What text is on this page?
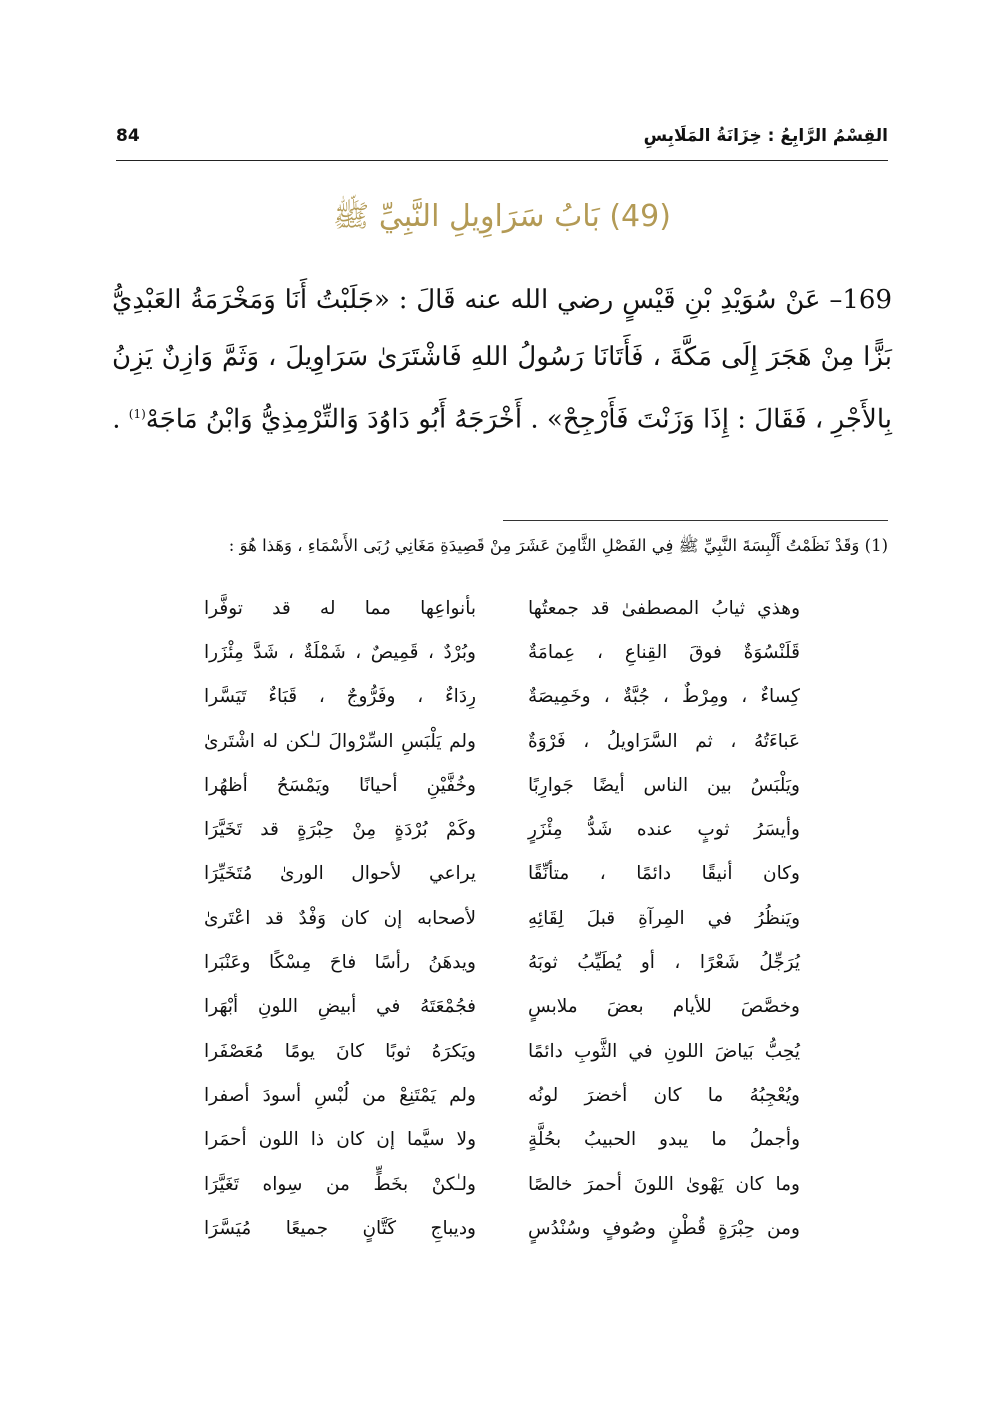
القِسْمُ الرَّابِعُ : خِزَانَةُ المَلَابِسِ
84
(49) بَابُ سَرَاوِيلِ النَّبِيِّ ﷺ
169– عَنْ سُوَيْدِ بْنِ قَيْسٍ رضي الله عنه قَالَ : «جَلَبْتُ أَنَا وَمَخْرَمَةُ العَبْدِيُّ بَزًّا مِنْ هَجَرَ إِلَى مَكَّةَ ، فَأَتَانَا رَسُولُ اللهِ فَاشْتَرَىٰ سَرَاوِيلَ ، وَثَمَّ وَازِنٌ يَزِنُ بِالأَجْرِ ، فَقَالَ : إِذَا وَزَنْتَ فَأَرْجِحْ» . أَخْرَجَهُ أَبُو دَاوُدَ وَالتِّرْمِذِيُّ وَابْنُ مَاجَهْ$^{(1)}$ .
(1) وَقَدْ نَظَمْتُ أَلْبِسَةَ النَّبِيِّ ﷺ فِي الفَصْلِ الثَّامِنَ عَشَرَ مِنْ قَصِيدَةِ مَغَانِي رُبَى الأَسْمَاءِ ، وَهَذا هُوَ :
وهذي ثيابُ المصطفىٰ قد جمعتُها
بأنواعِها مما له قد توفَّرا
قَلَنْسُوَةٌ فوقَ القِناعِ ، عِمامَةٌ
وبُرْدٌ ، قَمِيصٌ ، شَمْلَةٌ ، شَدَّ مِئْزَرا
كِساءٌ ، ومِرْطٌ ، جُبَّةٌ ، وخَمِيصَةٌ
رِدَاءٌ ، وفَرُّوجٌ ، قَبَاءٌ تَيَسَّرا
عَباءَتُهُ ، ثم السَّرَاويلُ ، فَرْوَةٌ
ولم يَلْبَسِ السِّرْوالَ لـٰكن له اشْتَرىٰ
ويَلْبَسُ بين الناس أيضًا جَوارِبًا
وخُفَّيْنِ أحيانًا ويَمْسَحُ أظهُرا
وأيسَرُ ثوبٍ عنده شَدُّ مِئْزَرٍ
وكَمْ بُرْدَةٍ مِنْ حِبْرَةٍ قد تَخَيَّرَا
وكان أنيقًا دائمًا ، متأنِّقًا
يراعي لأحوال الورىٰ مُتَخَيِّرَا
ويَنظُرُ في المِرآةِ قبلَ لِقَائِهِ
لأصحابه إن كان وَفْدٌ قد اعْتَرىٰ
يُرَجِّلُ شَعْرًا ، أو يُطَيِّبُ ثوبَهُ
ويدهَنُ رأسًا فاحَ مِسْكًا وعَنْبَرا
وخصَّصَ للأيام بعضَ ملابسٍ
فجُمْعَتَهُ في أبيضِ اللونِ أبْهَرا
يُحِبُّ بَياضَ اللونِ في الثَّوبِ دائمًا
ويَكرَهُ ثوبًا كانَ يومًا مُعَصْفَرا
ويُعْجِبُهُ ما كان أخضرَ لونُه
ولم يَمْتَنِعْ من لُبْسِ أسودَ أصفرا
وأجملُ ما يبدو الحبيبُ بحُلَّةٍ
ولا سيَّما إن كان ذا اللون أحمَرا
وما كان يَهْوىٰ اللونَ أحمرَ خالصًا
ولـٰكنْ بخَطٍّ من سِواه تَغَيَّرَا
ومن حِبْرَةٍ قُطْنٍ وصُوفٍ وسُنْدُسٍ
وديباجِ كَتَّانٍ جميعًا مُيَسَّرَا
